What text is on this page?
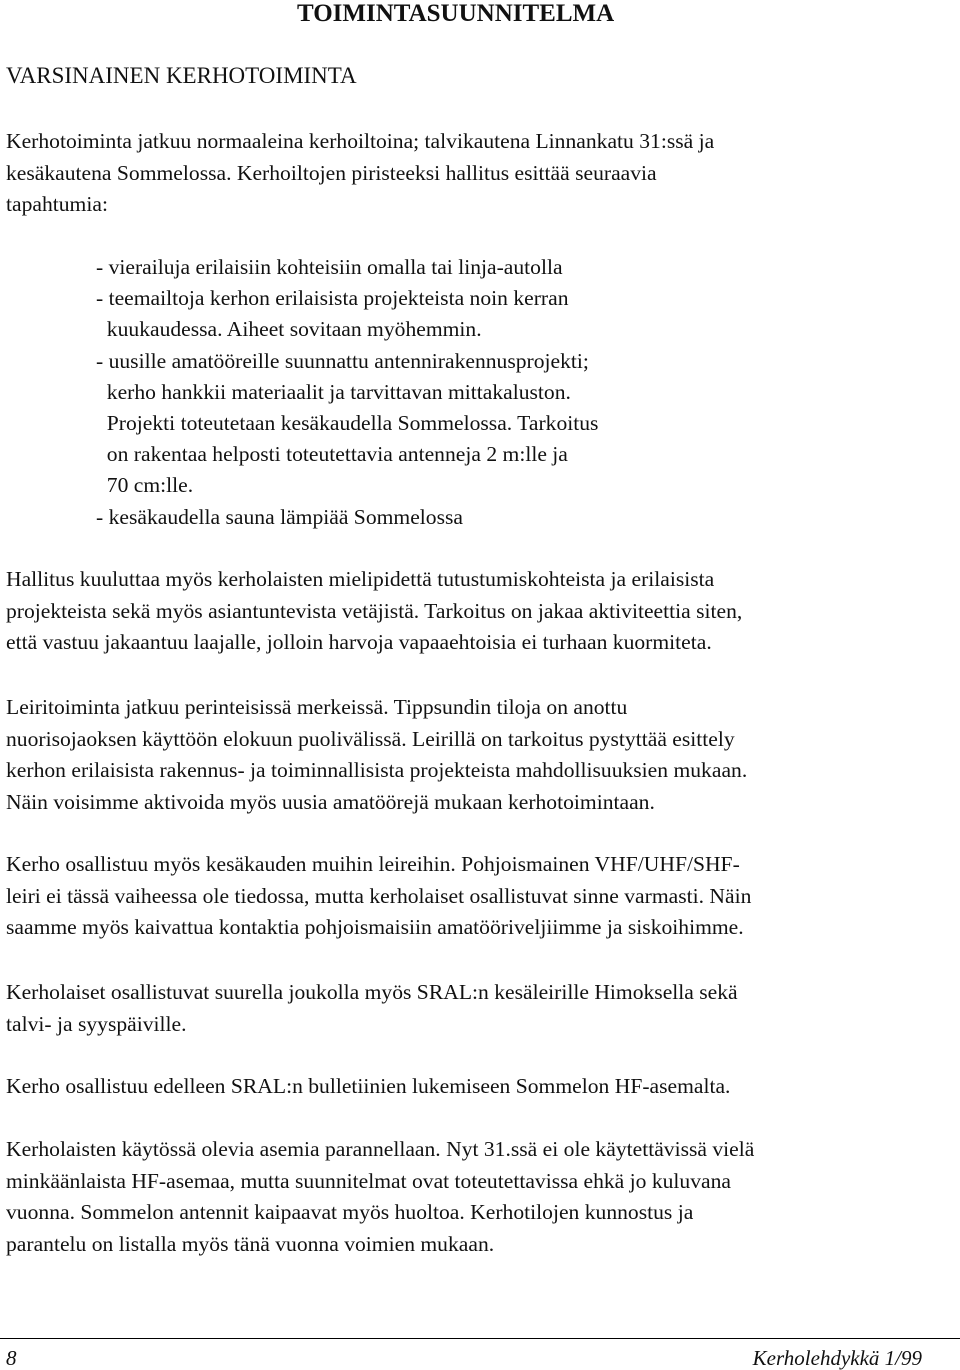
TOIMINTASUUNNITELMA
VARSINAINEN KERHOTOIMINTA
Kerhotoiminta jatkuu normaaleina kerhoiltoina; talvikautena Linnankatu 31:ssä ja
kesäkautena Sommelossa. Kerhoiltojen piristeeksi hallitus esittää seuraavia
tapahtumia:
- vierailuja erilaisiin kohteisiin omalla tai linja-autolla
- teemailtoja kerhon erilaisista projekteista noin kerran
kuukaudessa. Aiheet sovitaan myöhemmin.
- uusille amatööreille suunnattu antennirakennusprojekti;
kerho hankkii materiaalit ja tarvittavan mittakaluston.
Projekti toteutetaan kesäkaudella Sommelossa. Tarkoitus
on rakentaa helposti toteutettavia antenneja 2 m:lle ja
70 cm:lle.
- kesäkaudella sauna lämpiää Sommelossa
Hallitus kuuluttaa myös kerholaisten mielipidettä tutustumiskohteista ja erilaisista
projekteista sekä myös asiantuntevista vetäjistä. Tarkoitus on jakaa aktiviteettia siten,
että vastuu jakaantuu laajalle, jolloin harvoja vapaaehtoisia ei turhaan kuormiteta.
Leiritoiminta jatkuu perinteisissä merkeissä. Tippsundin tiloja on anottu
nuorisojaoksen käyttöön elokuun puolivälissä. Leirillä on tarkoitus pystyttää esittely
kerhon erilaisista rakennus- ja toiminnallisista projekteista mahdollisuuksien mukaan.
Näin voisimme aktivoida myös uusia amatöörejä mukaan kerhotoimintaan.
Kerho osallistuu myös kesäkauden muihin leireihin. Pohjoismainen VHF/UHF/SHF-
leiri ei tässä vaiheessa ole tiedossa, mutta kerholaiset osallistuvat sinne varmasti. Näin
saamme myös kaivattua kontaktia pohjoismaisiin amatööriveljiimme ja siskoihimme.
Kerholaiset osallistuvat suurella joukolla myös SRAL:n kesäleirille Himoksella sekä
talvi- ja syyspäiville.
Kerho osallistuu edelleen SRAL:n bulletiinien lukemiseen Sommelon HF-asemalta.
Kerholaisten käytössä olevia asemia parannellaan. Nyt 31.ssä ei ole käytettävissä vielä
minkäänlaista HF-asemaa, mutta suunnitelmat ovat toteutettavissa ehkä jo kuluvana
vuonna. Sommelon antennit kaipaavat myös huoltoa. Kerhotilojen kunnostus ja
parantelu on listalla myös tänä vuonna voimien mukaan.
8	Kerholehdykkä 1/99
